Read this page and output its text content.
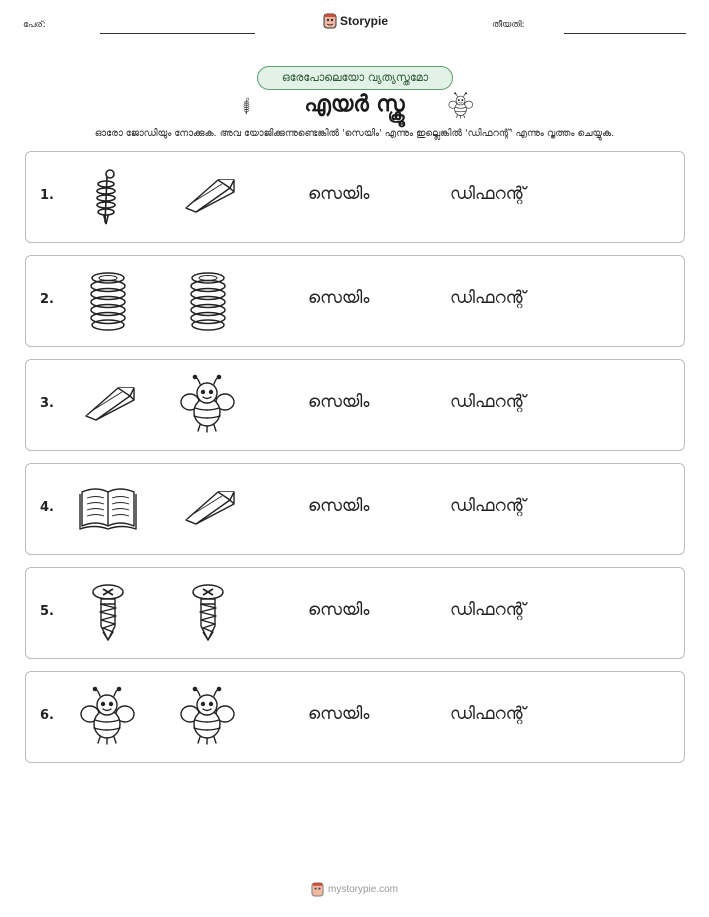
പേര്:	Storypie	തീയതി:
ഒരേപോലെയോ വ്യത്യസ്തമോ
എയർ സ്ക്രൂ
ഓരോ ജോഡിയും നോക്കുക. അവ യോജിക്കുന്നുണ്ടെങ്കിൽ 'സെയിം' എന്നും ഇല്ലെങ്കിൽ 'ഡിഫറന്റ്' എന്നും വൃത്തം ചെയ്യുക.
1.	സെയിം	ഡിഫറന്റ്
2.	സെയിം	ഡിഫറന്റ്
3.	സെയിം	ഡിഫറന്റ്
4.	സെയിം	ഡിഫറന്റ്
5.	സെയിം	ഡിഫറന്റ്
6.	സെയിം	ഡിഫറന്റ്
mystorypie.com
